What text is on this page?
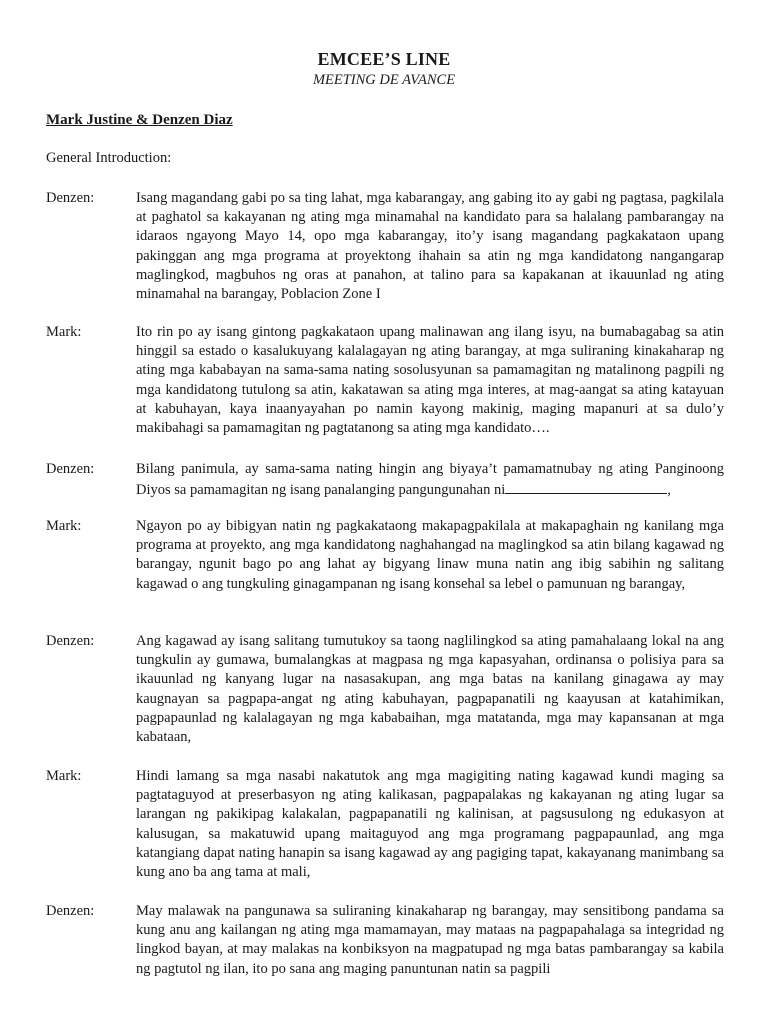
EMCEE’S LINE
MEETING DE AVANCE
Mark Justine & Denzen Diaz
General Introduction:
Denzen:	Isang magandang gabi po sa ting lahat, mga kabarangay, ang gabing ito ay gabi ng pagtasa, pagkilala at paghatol sa kakayanan ng ating mga minamahal na kandidato para sa halalang pambarangay na idaraos ngayong Mayo 14, opo mga kabarangay, ito’y isang magandang pagkakataon upang pakinggan ang mga programa at proyektong ihahain sa atin ng mga kandidatong nangangarap maglingkod, magbuhos ng oras at panahon, at talino para sa kapakanan at ikauunlad ng ating minamahal na barangay, Poblacion Zone I
Mark:	Ito rin po ay isang gintong pagkakataon upang malinawan ang ilang isyu, na bumabagabag sa atin hinggil sa estado o kasalukuyang kalalagayan ng ating barangay, at mga suliraning kinakaharap ng ating mga kababayan na sama-sama nating sosolusyunan sa pamamagitan ng matalinong pagpili ng mga kandidatong tutulong sa atin, kakatawan sa ating mga interes, at mag-aangat sa ating katayuan at kabuhayan, kaya inaanyayahan po namin kayong makinig, maging mapanuri at sa dulo’y makibahagi sa pamamagitan ng pagtatanong sa ating mga kandidato….
Denzen:	Bilang panimula, ay sama-sama nating hingin ang biyaya’t pamamatnubay ng ating Panginoong Diyos sa pamamagitan ng isang panalanging pangungunahan ni	,
Mark:	Ngayon po ay bibigyan natin ng pagkakataong makapagpakilala at makapaghain ng kanilang mga programa at proyekto, ang mga kandidatong naghahangad na maglingkod sa atin bilang kagawad ng barangay, ngunit bago po ang lahat ay bigyang linaw muna natin ang ibig sabihin ng salitang kagawad o ang tungkuling ginagampanan ng isang konsehal sa lebel o pamunuan ng barangay,
Denzen:	Ang kagawad ay isang salitang tumutukoy sa taong naglilingkod sa ating pamahalaang lokal na ang tungkulin ay gumawa, bumalangkas at magpasa ng mga kapasyahan, ordinansa o polisiya para sa ikauunlad ng kanyang lugar na nasasakupan, ang mga batas na kanilang ginagawa ay may kaugnayan sa pagpapa-angat ng ating kabuhayan, pagpapanatili ng kaayusan at katahimikan, pagpapaunlad ng kalalagayan ng mga kababaihan, mga matatanda, mga may kapansanan at mga kabataan,
Mark:	Hindi lamang sa mga nasabi nakatutok ang mga magigiting nating kagawad kundi maging sa pagtataguyod at preserbasyon ng ating kalikasan, pagpapalakas ng kakayanan ng ating lugar sa larangan ng pakikipag kalakalan, pagpapanatili ng kalinisan, at pagsusulong ng edukasyon at kalusugan, sa makatuwid upang maitaguyod ang mga programang pagpapaunlad, ang mga katangiang dapat nating hanapin sa isang kagawad ay ang pagiging tapat, kakayanang manimbang sa kung ano ba ang tama at mali,
Denzen:	May malawak na pangunawa sa suliraning kinakaharap ng barangay, may sensitibong pandama sa kung anu ang kailangan ng ating mga mamamayan, may mataas na pagpapahalaga sa integridad ng lingkod bayan, at may malakas na konbiksyon na magpatupad ng mga batas pambarangay sa kabila ng pagtutol ng ilan, ito po sana ang maging panuntunan natin sa pagpili
